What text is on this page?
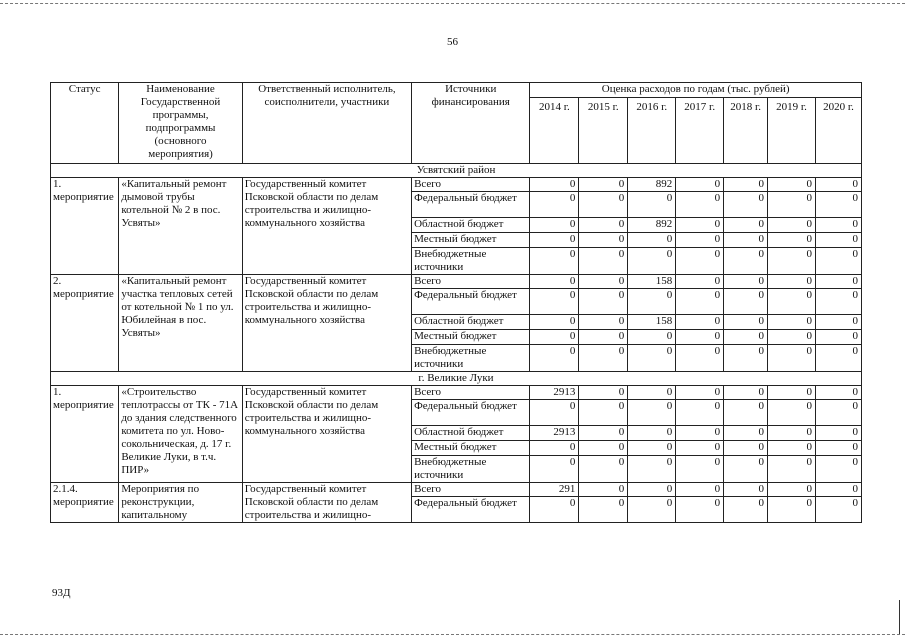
56
Статус	Наименование Государственной программы, подпрограммы (основного мероприятия)	Ответственный исполнитель, соисполнители, участники	Источники финансирования	Оценка расходов по годам (тыс. рублей)						
				2014 г.	2015 г.	2016 г.	2017 г.	2018 г.	2019 г.	2020 г.
Усвятский район										
1. мероприятие	«Капитальный ремонт дымовой трубы котельной № 2 в пос. Усвяты»	Государственный комитет Псковской области по делам строительства и жилищно-коммунального хозяйства	Всего	0	0	892	0	0	0	0
			Федеральный бюджет	0	0	0	0	0	0	0
			Областной бюджет	0	0	892	0	0	0	0
			Местный бюджет	0	0	0	0	0	0	0
			Внебюджетные источники	0	0	0	0	0	0	0
2. мероприятие	«Капитальный ремонт участка тепловых сетей от котельной № 1 по ул. Юбилейная в пос. Усвяты»	Государственный комитет Псковской области по делам строительства и жилищно-коммунального хозяйства	Всего	0	0	158	0	0	0	0
			Федеральный бюджет	0	0	0	0	0	0	0
			Областной бюджет	0	0	158	0	0	0	0
			Местный бюджет	0	0	0	0	0	0	0
			Внебюджетные источники	0	0	0	0	0	0	0
г. Великие Луки										
1. мероприятие	«Строительство теплотрассы от ТК - 71А до здания следственного комитета по ул. Ново-сокольническая, д. 17 г. Великие Луки, в т.ч. ПИР»	Государственный комитет Псковской области по делам строительства и жилищно-коммунального хозяйства	Всего	2913	0	0	0	0	0	0
			Федеральный бюджет	0	0	0	0	0	0	0
			Областной бюджет	2913	0	0	0	0	0	0
			Местный бюджет	0	0	0	0	0	0	0
			Внебюджетные источники	0	0	0	0	0	0	0
2.1.4. мероприятие	Мероприятия по реконструкции, капитальному	Государственный комитет Псковской области по делам строительства и жилищно-	Всего	291	0	0	0	0	0	0
			Федеральный бюджет	0	0	0	0	0	0	0
93Д
